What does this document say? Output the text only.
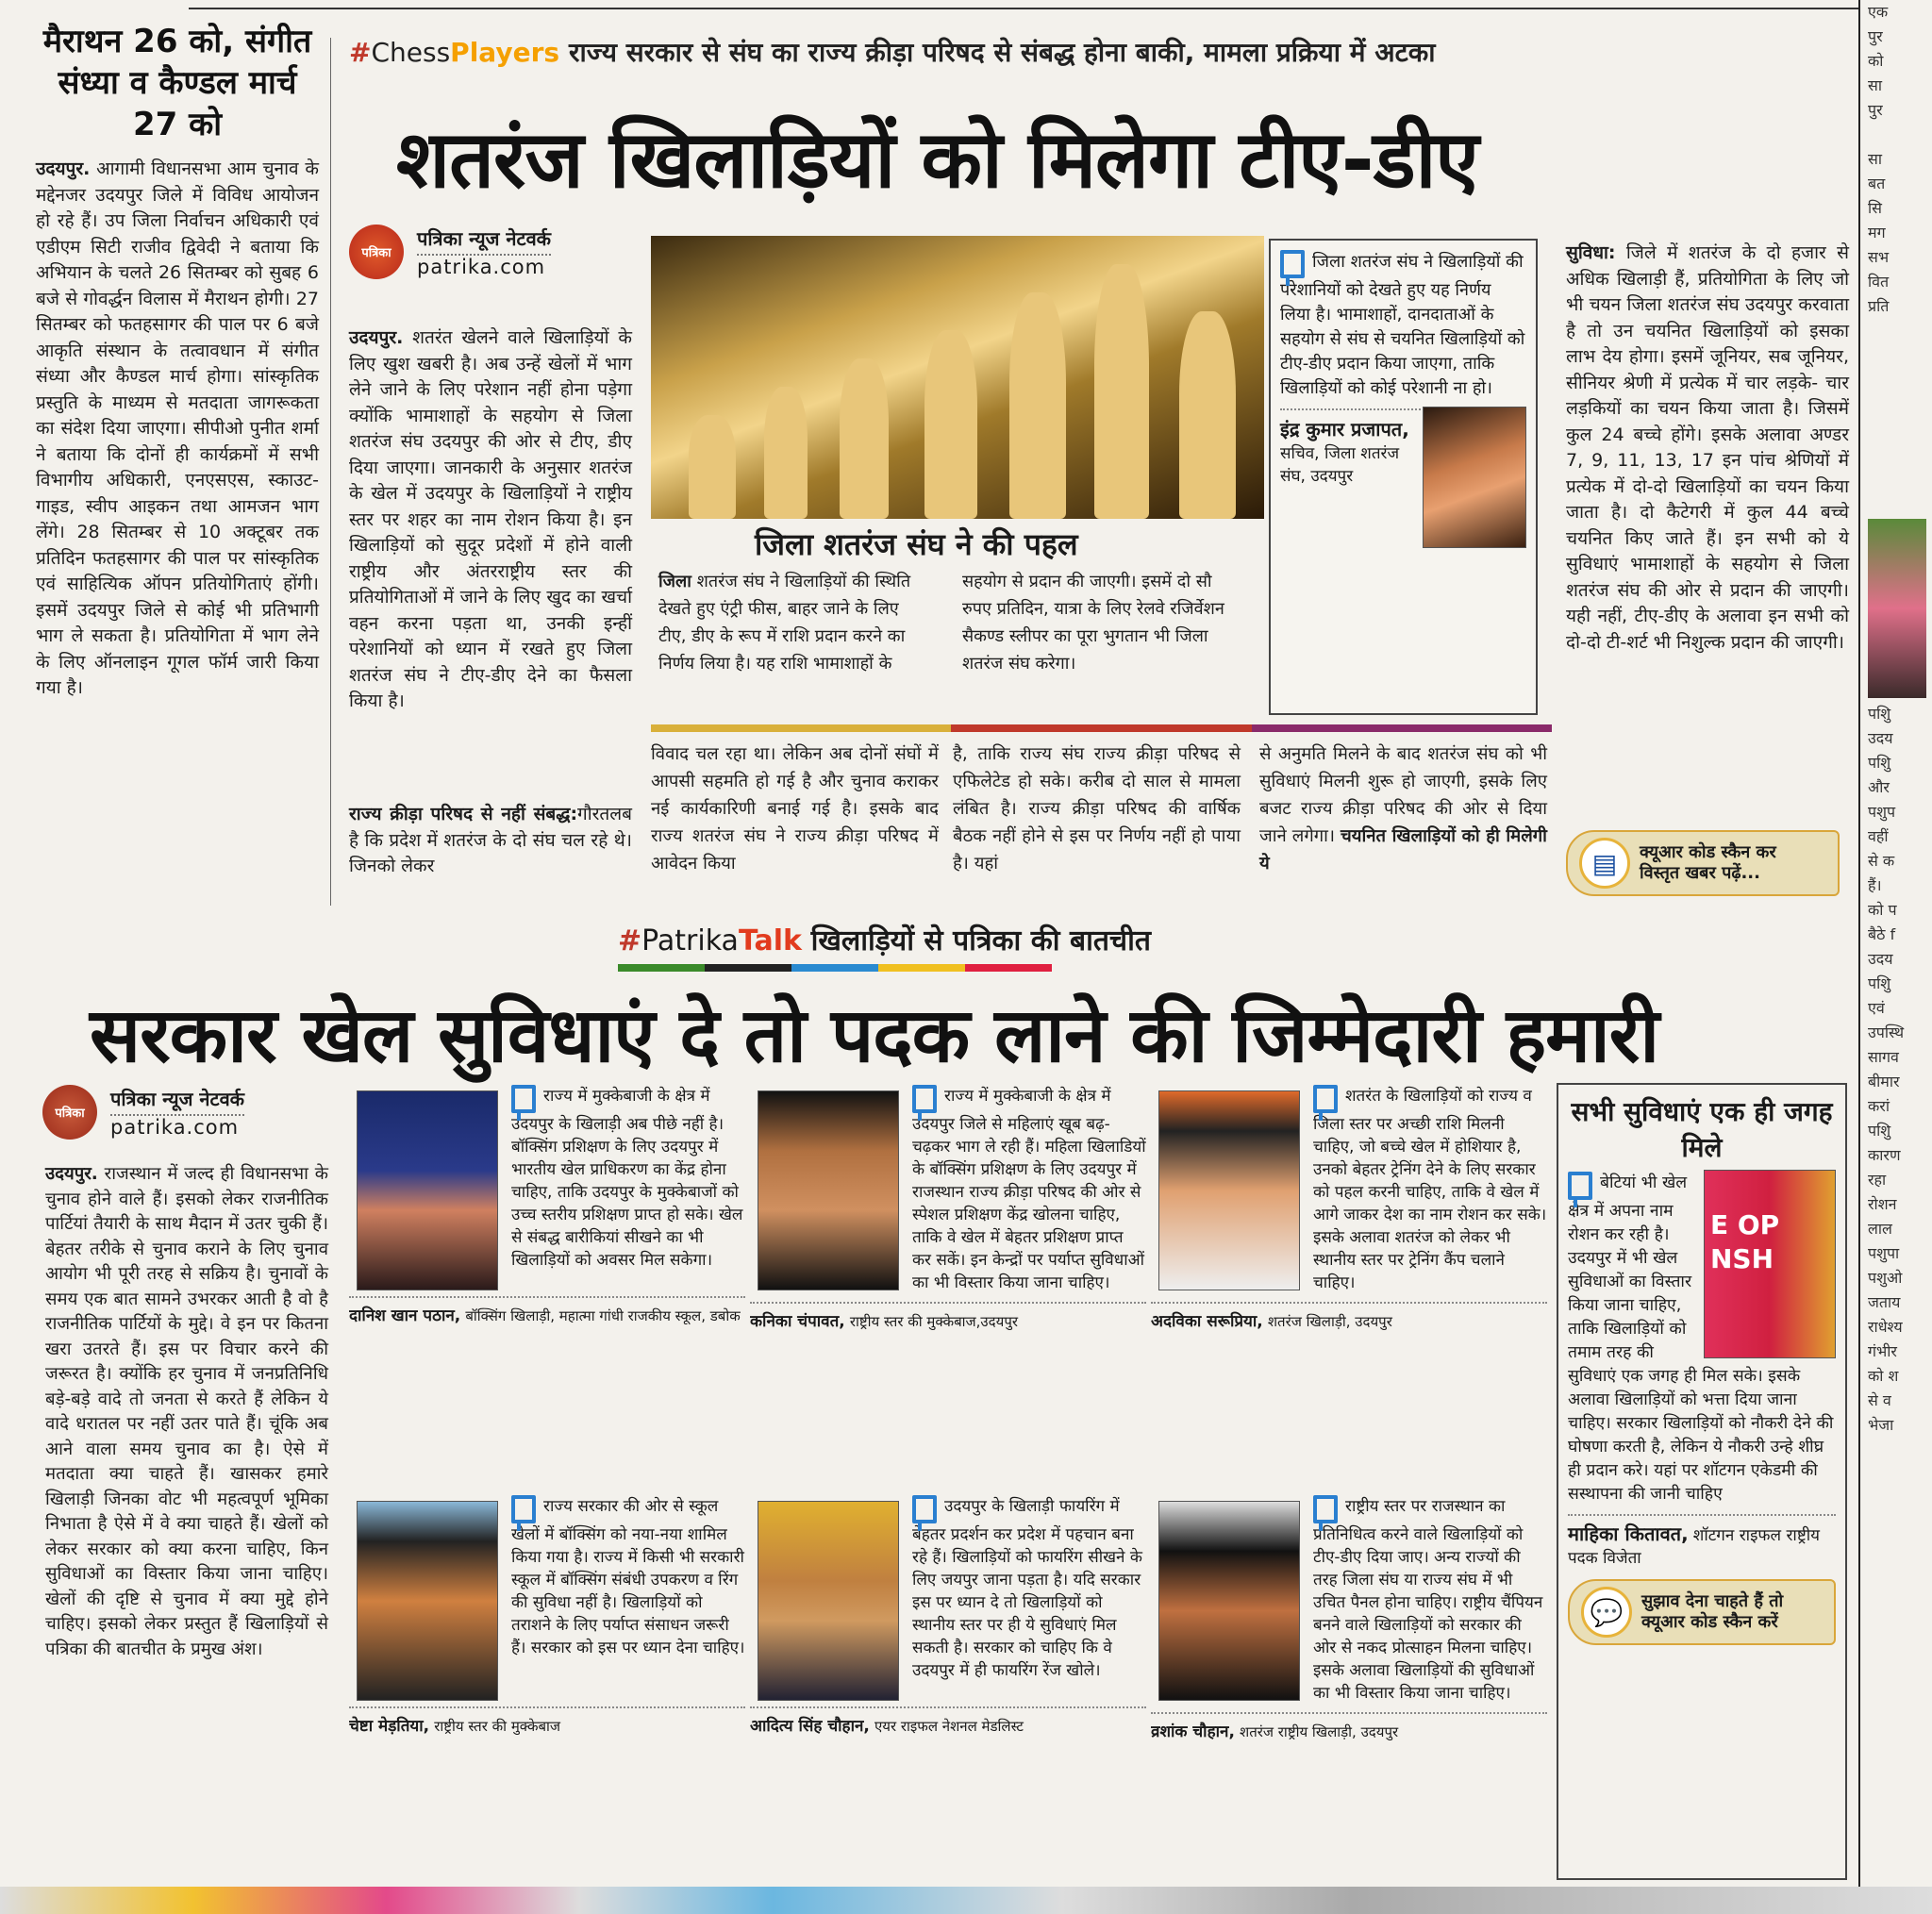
मैराथन 26 को, संगीत संध्या व कैण्डल मार्च 27 को
उदयपुर. आगामी विधानसभा आम चुनाव के मद्देनजर उदयपुर जिले में विविध आयोजन हो रहे हैं। उप जिला निर्वाचन अधिकारी एवं एडीएम सिटी राजीव द्विवेदी ने बताया कि अभियान के चलते 26 सितम्बर को सुबह 6 बजे से गोवर्द्धन विलास में मैराथन होगी। 27 सितम्बर को फतहसागर की पाल पर 6 बजे आकृति संस्थान के तत्वावधान में संगीत संध्या और कैण्डल मार्च होगा। सांस्कृतिक प्रस्तुति के माध्यम से मतदाता जागरूकता का संदेश दिया जाएगा। सीपीओ पुनीत शर्मा ने बताया कि दोनों ही कार्यक्रमों में सभी विभागीय अधिकारी, एनएसएस, स्काउट-गाइड, स्वीप आइकन तथा आमजन भाग लेंगे। 28 सितम्बर से 10 अक्टूबर तक प्रतिदिन फतहसागर की पाल पर सांस्कृतिक एवं साहित्यिक ऑपन प्रतियोगिताएं होंगी। इसमें उदयपुर जिले से कोई भी प्रतिभागी भाग ले सकता है। प्रतियोगिता में भाग लेने के लिए ऑनलाइन गूगल फॉर्म जारी किया गया है।
#ChessPlayers राज्य सरकार से संघ का राज्य क्रीड़ा परिषद से संबद्ध होना बाकी, मामला प्रक्रिया में अटका
शतरंज खिलाड़ियों को मिलेगा टीए-डीए
पत्रिका
पत्रिका न्यूज नेटवर्क
patrika.com
उदयपुर. शतरंत खेलने वाले खिलाड़ियों के लिए खुश खबरी है। अब उन्हें खेलों में भाग लेने जाने के लिए परेशान नहीं होना पड़ेगा क्योंकि भामाशाहों के सहयोग से जिला शतरंज संघ उदयपुर की ओर से टीए, डीए दिया जाएगा। जानकारी के अनुसार शतरंज के खेल में उदयपुर के खिलाड़ियों ने राष्ट्रीय स्तर पर शहर का नाम रोशन किया है। इन खिलाड़ियों को सुदूर प्रदेशों में होने वाली राष्ट्रीय और अंतरराष्ट्रीय स्तर की प्रतियोगिताओं में जाने के लिए खुद का खर्चा वहन करना पड़ता था, उनकी इन्हीं परेशानियों को ध्यान में रखते हुए जिला शतरंज संघ ने टीए-डीए देने का फैसला किया है।
राज्य क्रीड़ा परिषद से नहीं संबद्ध:गौरतलब है कि प्रदेश में शतरंज के दो संघ चल रहे थे। जिनको लेकर
जिला शतरंज संघ ने की पहल
जिला शतरंज संघ ने खिलाड़ियों की स्थिति देखते हुए एंट्री फीस, बाहर जाने के लिए टीए, डीए के रूप में राशि प्रदान करने का निर्णय लिया है। यह राशि भामाशाहों के
सहयोग से प्रदान की जाएगी। इसमें दो सौ रुपए प्रतिदिन, यात्रा के लिए रेलवे रजिर्वेशन सैकण्ड स्लीपर का पूरा भुगतान भी जिला शतरंज संघ करेगा।
जिला शतरंज संघ ने खिलाड़ियों की परेशानियों को देखते हुए यह निर्णय लिया है। भामाशाहों, दानदाताओं के सहयोग से संघ से चयनित खिलाड़ियों को टीए-डीए प्रदान किया जाएगा, ताकि खिलाड़ियों को कोई परेशानी ना हो।
इंद्र कुमार प्रजापत, सचिव, जिला शतरंज संघ, उदयपुर
सुविधा: जिले में शतरंज के दो हजार से अधिक खिलाड़ी हैं, प्रतियोगिता के लिए जो भी चयन जिला शतरंज संघ उदयपुर करवाता है तो उन चयनित खिलाड़ियों को इसका लाभ देय होगा। इसमें जूनियर, सब जूनियर, सीनियर श्रेणी में प्रत्येक में चार लड़के- चार लड़कियों का चयन किया जाता है। जिसमें कुल 24 बच्चे होंगे। इसके अलावा अण्डर 7, 9, 11, 13, 17 इन पांच श्रेणियों में प्रत्येक में दो-दो खिलाड़ियों का चयन किया जाता है। दो कैटेगरी में कुल 44 बच्चे चयनित किए जाते हैं। इन सभी को ये सुविधाएं भामाशाहों के सहयोग से जिला शतरंज संघ की ओर से प्रदान की जाएगी। यही नहीं, टीए-डीए के अलावा इन सभी को दो-दो टी-शर्ट भी निशुल्क प्रदान की जाएगी।
▤	क्यूआर कोड स्कैन कर
विस्तृत खबर पढ़ें...
विवाद चल रहा था। लेकिन अब दोनों संघों में आपसी सहमति हो गई है और चुनाव कराकर नई कार्यकारिणी बनाई गई है। इसके बाद राज्य शतरंज संघ ने राज्य क्रीड़ा परिषद में आवेदन किया
है, ताकि राज्य संघ राज्य क्रीड़ा परिषद से एफिलेटेड हो सके। करीब दो साल से मामला लंबित है। राज्य क्रीड़ा परिषद की वार्षिक बैठक नहीं होने से इस पर निर्णय नहीं हो पाया है। यहां
से अनुमति मिलने के बाद शतरंज संघ को भी सुविधाएं मिलनी शुरू हो जाएगी, इसके लिए बजट राज्य क्रीड़ा परिषद की ओर से दिया जाने लगेगा। चयनित खिलाड़ियों को ही मिलेगी ये
#PatrikaTalk खिलाड़ियों से पत्रिका की बातचीत
सरकार खेल सुविधाएं दे तो पदक लाने की जिम्मेदारी हमारी
पत्रिका
पत्रिका न्यूज नेटवर्क
patrika.com
उदयपुर. राजस्थान में जल्द ही विधानसभा के चुनाव होने वाले हैं। इसको लेकर राजनीतिक पार्टियां तैयारी के साथ मैदान में उतर चुकी हैं। बेहतर तरीके से चुनाव कराने के लिए चुनाव आयोग भी पूरी तरह से सक्रिय है। चुनावों के समय एक बात सामने उभरकर आती है वो है राजनीतिक पार्टियों के मुद्दे। वे इन पर कितना खरा उतरते हैं। इस पर विचार करने की जरूरत है। क्योंकि हर चुनाव में जनप्रतिनिधि बड़े-बड़े वादे तो जनता से करते हैं लेकिन ये वादे धरातल पर नहीं उतर पाते हैं। चूंकि अब आने वाला समय चुनाव का है। ऐसे में मतदाता क्या चाहते हैं। खासकर हमारे खिलाड़ी जिनका वोट भी महत्वपूर्ण भूमिका निभाता है ऐसे में वे क्या चाहते हैं। खेलों को लेकर सरकार को क्या करना चाहिए, किन सुविधाओं का विस्तार किया जाना चाहिए। खेलों की दृष्टि से चुनाव में क्या मुद्दे होने चाहिए। इसको लेकर प्रस्तुत हैं खिलाड़ियों से पत्रिका की बातचीत के प्रमुख अंश।
राज्य में मुक्केबाजी के क्षेत्र में उदयपुर के खिलाड़ी अब पीछे नहीं है। बॉक्सिंग प्रशिक्षण के लिए उदयपुर में भारतीय खेल प्राधिकरण का केंद्र होना चाहिए, ताकि उदयपुर के मुक्केबाजों को उच्च स्तरीय प्रशिक्षण प्राप्त हो सके। खेल से संबद्ध बारीकियां सीखने का भी खिलाड़ियों को अवसर मिल सकेगा।
दानिश खान पठान, बॉक्सिंग खिलाड़ी, महात्मा गांधी राजकीय स्कूल, डबोक
राज्य में मुक्केबाजी के क्षेत्र में उदयपुर जिले से महिलाएं खूब बढ़-चढ़कर भाग ले रही हैं। महिला खिलाडियों के बॉक्सिंग प्रशिक्षण के लिए उदयपुर में राजस्थान राज्य क्रीड़ा परिषद की ओर से स्पेशल प्रशिक्षण केंद्र खोलना चाहिए, ताकि वे खेल में बेहतर प्रशिक्षण प्राप्त कर सकें। इन केन्द्रों पर पर्याप्त सुविधाओं का भी विस्तार किया जाना चाहिए।
कनिका चंपावत, राष्ट्रीय स्तर की मुक्केबाज,उदयपुर
शतरंत के खिलाड़ियों को राज्य व जिला स्तर पर अच्छी राशि मिलनी चाहिए, जो बच्चे खेल में होशियार है, उनको बेहतर ट्रेनिंग देने के लिए सरकार को पहल करनी चाहिए, ताकि वे खेल में आगे जाकर देश का नाम रोशन कर सके। इसके अलावा शतरंज को लेकर भी स्थानीय स्तर पर ट्रेनिंग कैंप चलाने चाहिए।
अदविका सरूप्रिया, शतरंज खिलाड़ी, उदयपुर
राज्य सरकार की ओर से स्कूल खेलों में बॉक्सिंग को नया-नया शामिल किया गया है। राज्य में किसी भी सरकारी स्कूल में बॉक्सिंग संबंधी उपकरण व रिंग की सुविधा नहीं है। खिलाड़ियों को तराशने के लिए पर्याप्त संसाधन जरूरी हैं। सरकार को इस पर ध्यान देना चाहिए।
चेष्टा मेड़तिया, राष्ट्रीय स्तर की मुक्केबाज
उदयपुर के खिलाड़ी फायरिंग में बेहतर प्रदर्शन कर प्रदेश में पहचान बना रहे हैं। खिलाड़ियों को फायरिंग सीखने के लिए जयपुर जाना पड़ता है। यदि सरकार इस पर ध्यान दे तो खिलाड़ियों को स्थानीय स्तर पर ही ये सुविधाएं मिल सकती है। सरकार को चाहिए कि वे उदयपुर में ही फायरिंग रेंज खोले।
आदित्य सिंह चौहान, एयर राइफल नेशनल मेडलिस्ट
राष्ट्रीय स्तर पर राजस्थान का प्रतिनिधित्व करने वाले खिलाड़ियों को टीए-डीए दिया जाए। अन्य राज्यों की तरह जिला संघ या राज्य संघ में भी उचित पैनल होना चाहिए। राष्ट्रीय चैंपियन बनने वाले खिलाड़ियों को सरकार की ओर से नकद प्रोत्साहन मिलना चाहिए। इसके अलावा खिलाड़ियों की सुविधाओं का भी विस्तार किया जाना चाहिए।
व्रशांक चौहान, शतरंज राष्ट्रीय खिलाड़ी, उदयपुर
सभी सुविधाएं एक ही जगह मिले
E OP NSH
बेटियां भी खेल क्षेत्र में अपना नाम रोशन कर रही है। उदयपुर में भी खेल सुविधाओं का विस्तार किया जाना चाहिए, ताकि खिलाड़ियों को तमाम तरह की सुविधाएं एक जगह ही मिल सके। इसके अलावा खिलाड़ियों को भत्ता दिया जाना चाहिए। सरकार खिलाड़ियों को नौकरी देने की घोषणा करती है, लेकिन ये नौकरी उन्हे शीघ्र ही प्रदान करे। यहां पर शॉटगन एकेडमी की सस्थापना की जानी चाहिए
माहिका कितावत, शॉटगन राइफल राष्ट्रीय पदक विजेता
💬	सुझाव देना चाहते हैं तो
क्यूआर कोड स्कैन करें
एक
पुर
को
सा
पुर
सा
बत
सि
मग
सभ
वित
प्रति
पशुि
उदय
पशुि
और
पशुप
वहीं
से क
हैं।
को प
बैठे f
उदय
पशुि
एवं
उपस्थि
सागव
बीमार
करां
पशुि
कारण
रहा
रोशन
लाल
पशुपा
पशुओ
जताय
राधेश्य
गंभीर
को श
से व
भेजा
